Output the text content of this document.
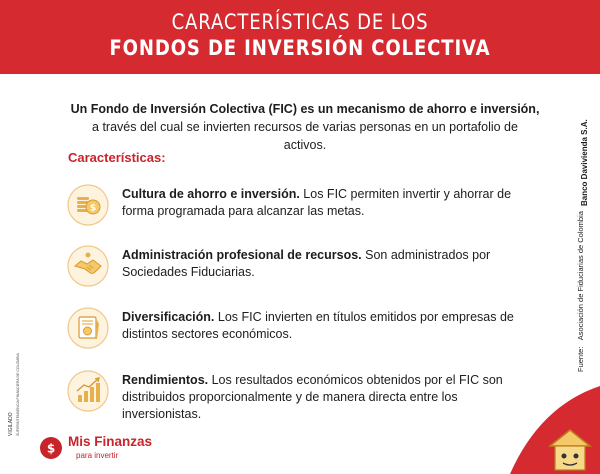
CARACTERÍSTICAS DE LOS
FONDOS DE INVERSIÓN COLECTIVA
Un Fondo de Inversión Colectiva (FIC) es un mecanismo de ahorro e inversión,
a través del cual se invierten recursos de varias personas en un portafolio de activos.
Características:
$
Cultura de ahorro e inversión. Los FIC permiten invertir y ahorrar de forma programada para alcanzar las metas.
Administración profesional de recursos. Son administrados por Sociedades Fiduciarias.
Diversificación. Los FIC invierten en títulos emitidos por empresas de distintos sectores económicos.
Rendimientos. Los resultados económicos obtenidos por el FIC son distribuidos proporcionalmente y de manera directa entre los inversionistas.
Fuente:   Asociación de Fiduciarias de Colombia
Banco Davivienda S.A.
VIGILADO SUPERINTENDENCIA FINANCIERA DE COLOMBIA
$ Mis Finanzas
para invertir
